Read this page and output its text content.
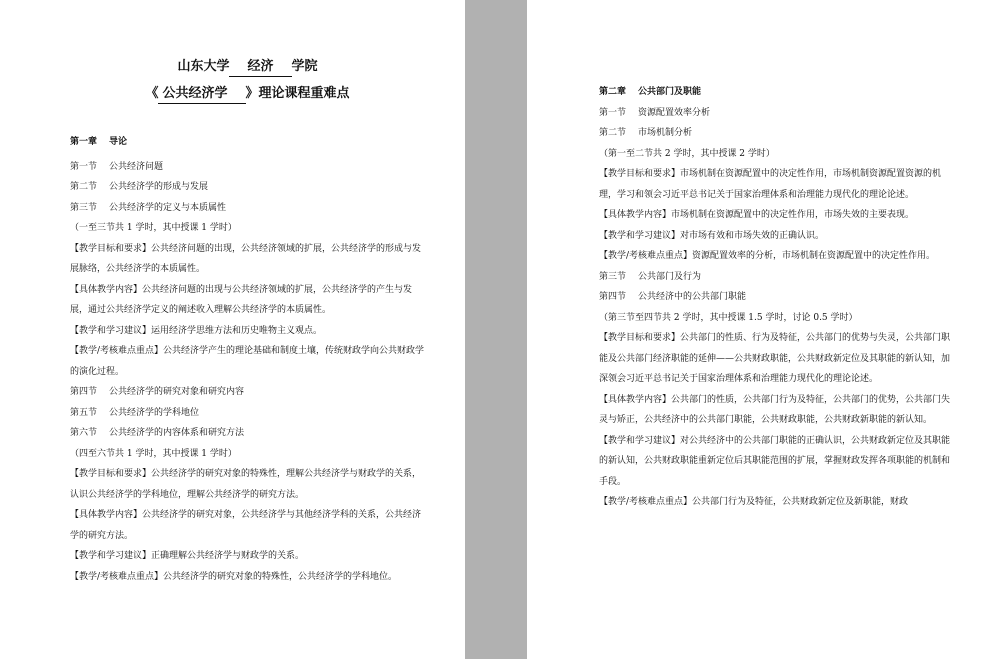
山东大学 经济 学院

《 公共经济学 》理论课程重难点

第一章 导论

第一节 公共经济问题

第二节 公共经济学的形成与发展

第三节 公共经济学的定义与本质属性

（一至三节共 1 学时，其中授课 1 学时）

【教学目标和要求】公共经济问题的出现，公共经济领域的扩展，公共经济学的形成与发展脉络，公共经济学的本质属性。

【具体教学内容】公共经济问题的出现与公共经济领域的扩展，公共经济学的产生与发展，通过公共经济学定义的阐述收入理解公共经济学的本质属性。

【教学和学习建议】运用经济学思维方法和历史唯物主义观点。

【教学/考核难点重点】公共经济学产生的理论基础和制度土壤，传统财政学向公共财政学的演化过程。

第四节 公共经济学的研究对象和研究内容

第五节 公共经济学的学科地位

第六节 公共经济学的内容体系和研究方法

（四至六节共 1 学时，其中授课 1 学时）

【教学目标和要求】公共经济学的研究对象的特殊性，理解公共经济学与财政学的关系，认识公共经济学的学科地位，理解公共经济学的研究方法。

【具体教学内容】公共经济学的研究对象，公共经济学与其他经济学科的关系，公共经济学的研究方法。

【教学和学习建议】正确理解公共经济学与财政学的关系。

【教学/考核难点重点】公共经济学的研究对象的特殊性，公共经济学的学科地位。

第二章 公共部门及职能

第一节 资源配置效率分析

第二节 市场机制分析

（第一至二节共 2 学时，其中授课 2 学时）

【教学目标和要求】市场机制在资源配置中的决定性作用，市场机制资源配置资源的机理，学习和领会习近平总书记关于国家治理体系和治理能力现代化的理论论述。

【具体教学内容】市场机制在资源配置中的决定性作用，市场失效的主要表现。

【教学和学习建议】对市场有效和市场失效的正确认识。

【教学/考核难点重点】资源配置效率的分析，市场机制在资源配置中的决定性作用。

第三节 公共部门及行为

第四节 公共经济中的公共部门职能

（第三节至四节共 2 学时，其中授课 1.5 学时，讨论 0.5 学时）

【教学目标和要求】公共部门的性质、行为及特征，公共部门的优势与失灵，公共部门职能及公共部门经济职能的延伸——公共财政职能，公共财政新定位及其职能的新认知，加深领会习近平总书记关于国家治理体系和治理能力现代化的理论论述。

【具体教学内容】公共部门的性质，公共部门行为及特征，公共部门的优势，公共部门失灵与矫正，公共经济中的公共部门职能，公共财政职能，公共财政新职能的新认知。

【教学和学习建议】对公共经济中的公共部门职能的正确认识，公共财政新定位及其职能的新认知，公共财政职能重新定位后其职能范围的扩展，掌握财政发挥各项职能的机制和手段。

【教学/考核难点重点】公共部门行为及特征，公共财政新定位及新职能，财政
